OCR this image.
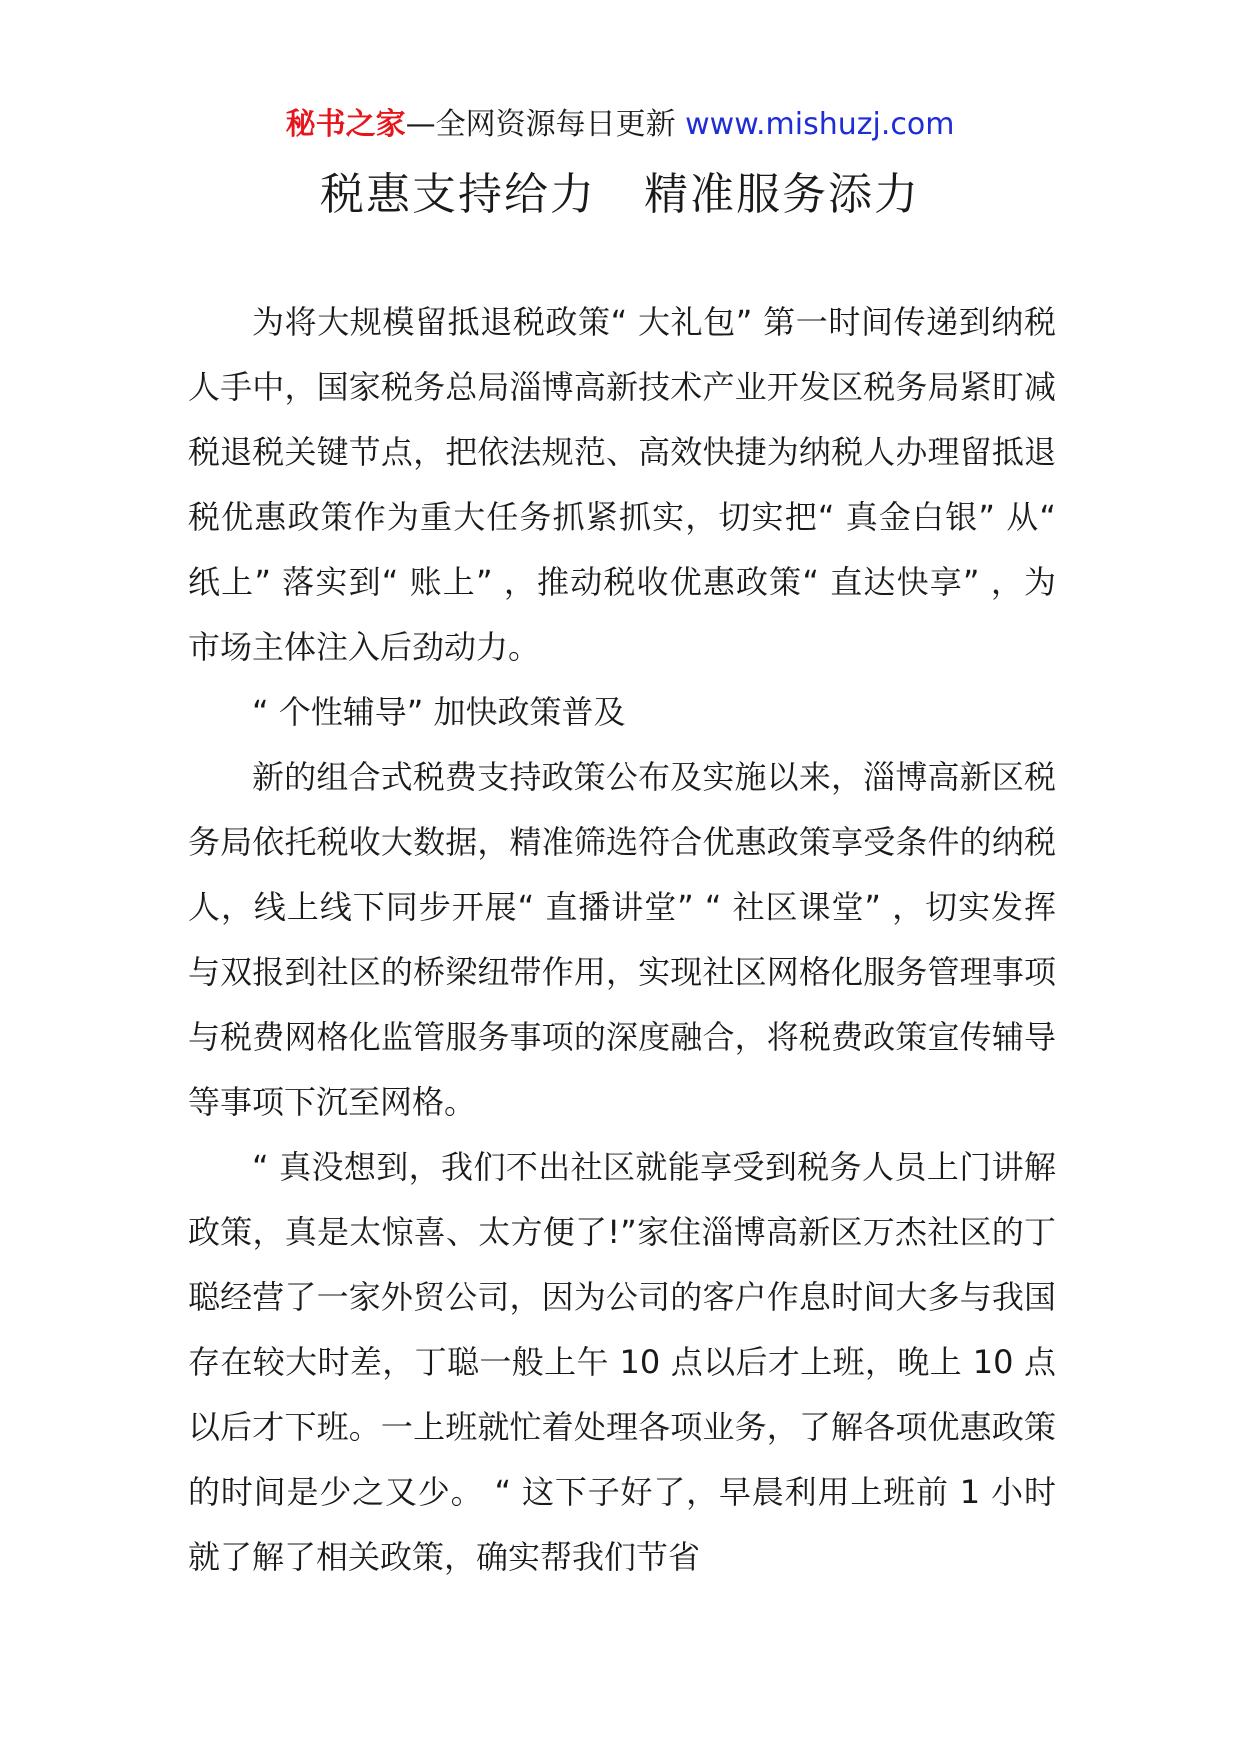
秘书之家—全网资源每日更新 www.mishuzj.com
税惠支持给力   精准服务添力

为将大规模留抵退税政策“ 大礼包” 第一时间传递到纳税人手中，国家税务总局淄博高新技术产业开发区税务局紧盯减税退税关键节点，把依法规范、高效快捷为纳税人办理留抵退税优惠政策作为重大任务抓紧抓实，切实把“ 真金白银” 从“ 纸上” 落实到“ 账上” ，推动税收优惠政策“ 直达快享” ，为市场主体注入后劲动力。

“ 个性辅导” 加快政策普及

新的组合式税费支持政策公布及实施以来，淄博高新区税务局依托税收大数据，精准筛选符合优惠政策享受条件的纳税人，线上线下同步开展“ 直播讲堂” “ 社区课堂” ，切实发挥与双报到社区的桥梁纽带作用，实现社区网格化服务管理事项与税费网格化监管服务事项的深度融合，将税费政策宣传辅导等事项下沉至网格。

“ 真没想到，我们不出社区就能享受到税务人员上门讲解政策，真是太惊喜、太方便了!”家住淄博高新区万杰社区的丁聪经营了一家外贸公司，因为公司的客户作息时间大多与我国存在较大时差，丁聪一般上午 10 点以后才上班，晚上 10 点以后才下班。一上班就忙着处理各项业务，了解各项优惠政策的时间是少之又少。 “ 这下子好了，早晨利用上班前 1 小时就了解了相关政策，确实帮我们节省
